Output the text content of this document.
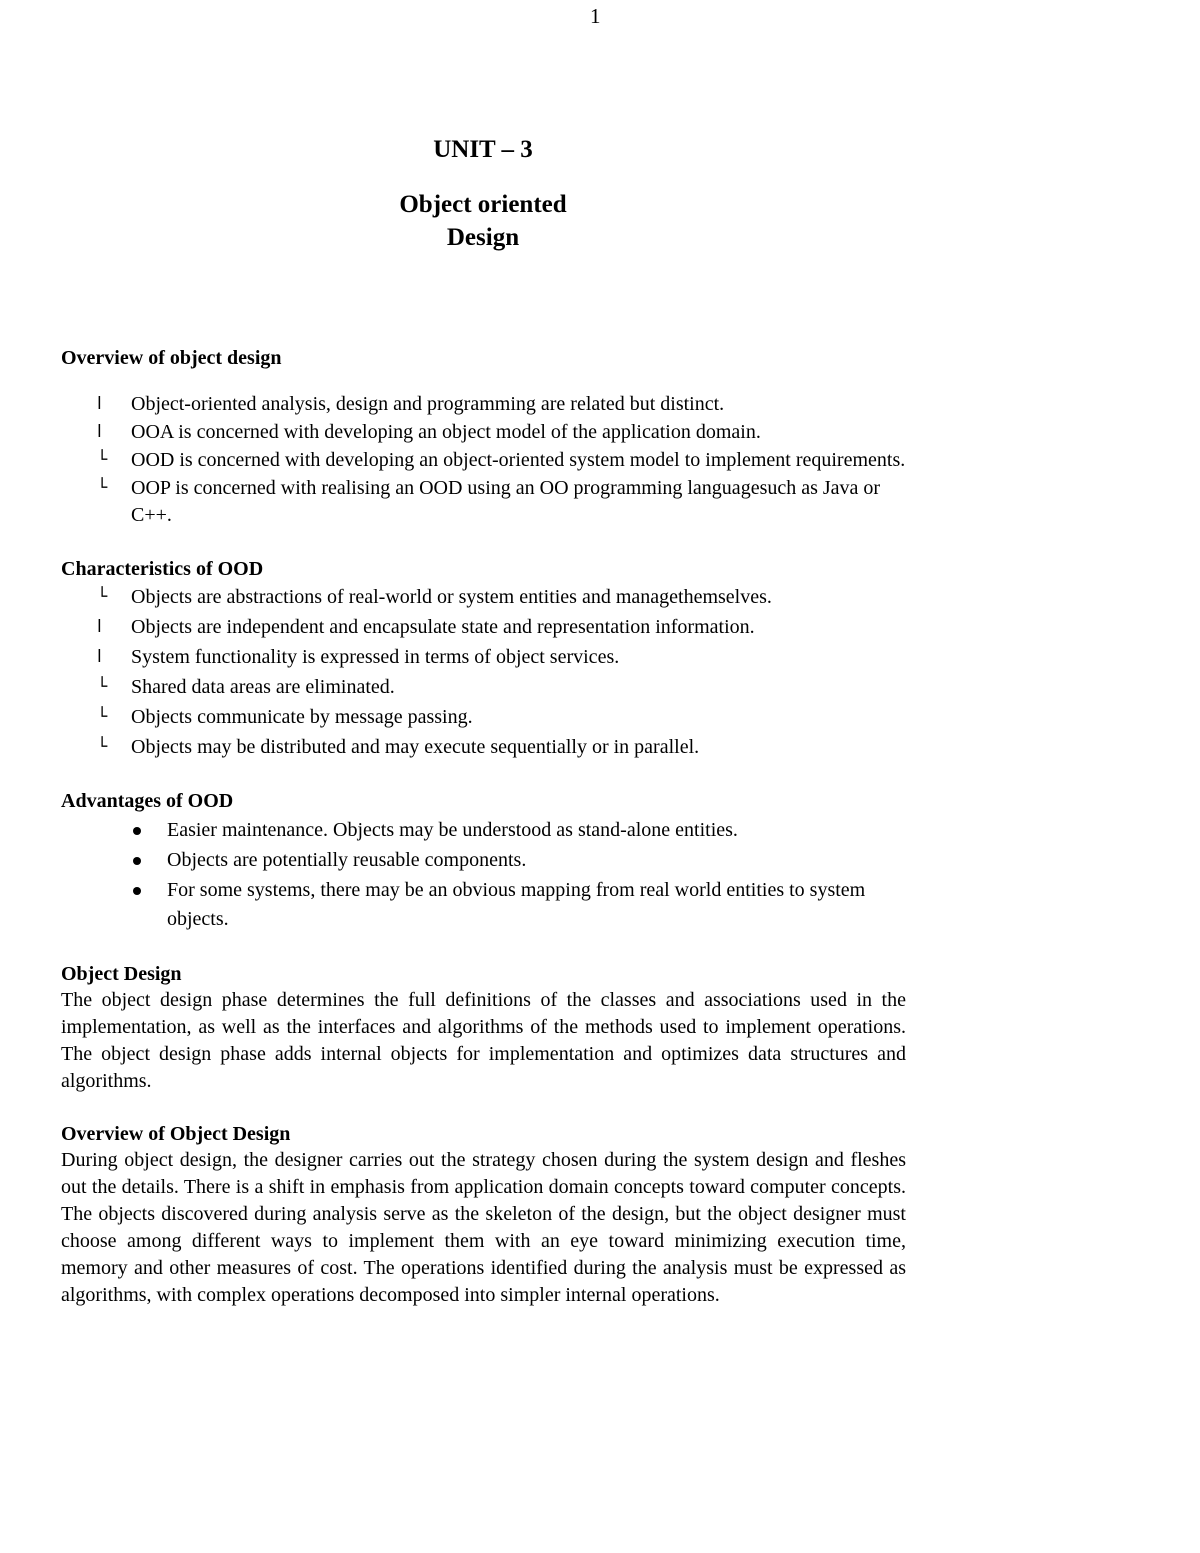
1
UNIT – 3
Object oriented
Design
Overview of object design
l	Object-oriented analysis, design and programming are related but distinct.
l	OOA is concerned with developing an object model of the application domain.
└	OOD is concerned with developing an object-oriented system model to implement requirements.
└	OOP is concerned with realising an OOD using an OO programming languagesuch as Java or C++.
Characteristics of OOD
└	Objects are abstractions of real-world or system entities and managethemselves.
l	Objects are independent and encapsulate state and representation information.
l	System functionality is expressed in terms of object services.
└	Shared data areas are eliminated.
└	Objects communicate by message passing.
└	Objects may be distributed and may execute sequentially or in parallel.
Advantages of OOD
Easier maintenance. Objects may be understood as stand-alone entities.
Objects are potentially reusable components.
For some systems, there may be an obvious mapping from real world entities to system objects.
Object Design

The object design phase determines the full definitions of the classes and associations used in the implementation, as well as the interfaces and algorithms of the methods used to implement operations. The object design phase adds internal objects for implementation and optimizes data structures and algorithms.

Overview of Object Design

During object design, the designer carries out the strategy chosen during the system design and fleshes out the details. There is a shift in emphasis from application domain concepts toward computer concepts. The objects discovered during analysis serve as the skeleton of the design, but the object designer must choose among different ways to implement them with an eye toward minimizing execution time, memory and other measures of cost. The operations identified during the analysis must be expressed as algorithms, with complex operations decomposed into simpler internal operations.
